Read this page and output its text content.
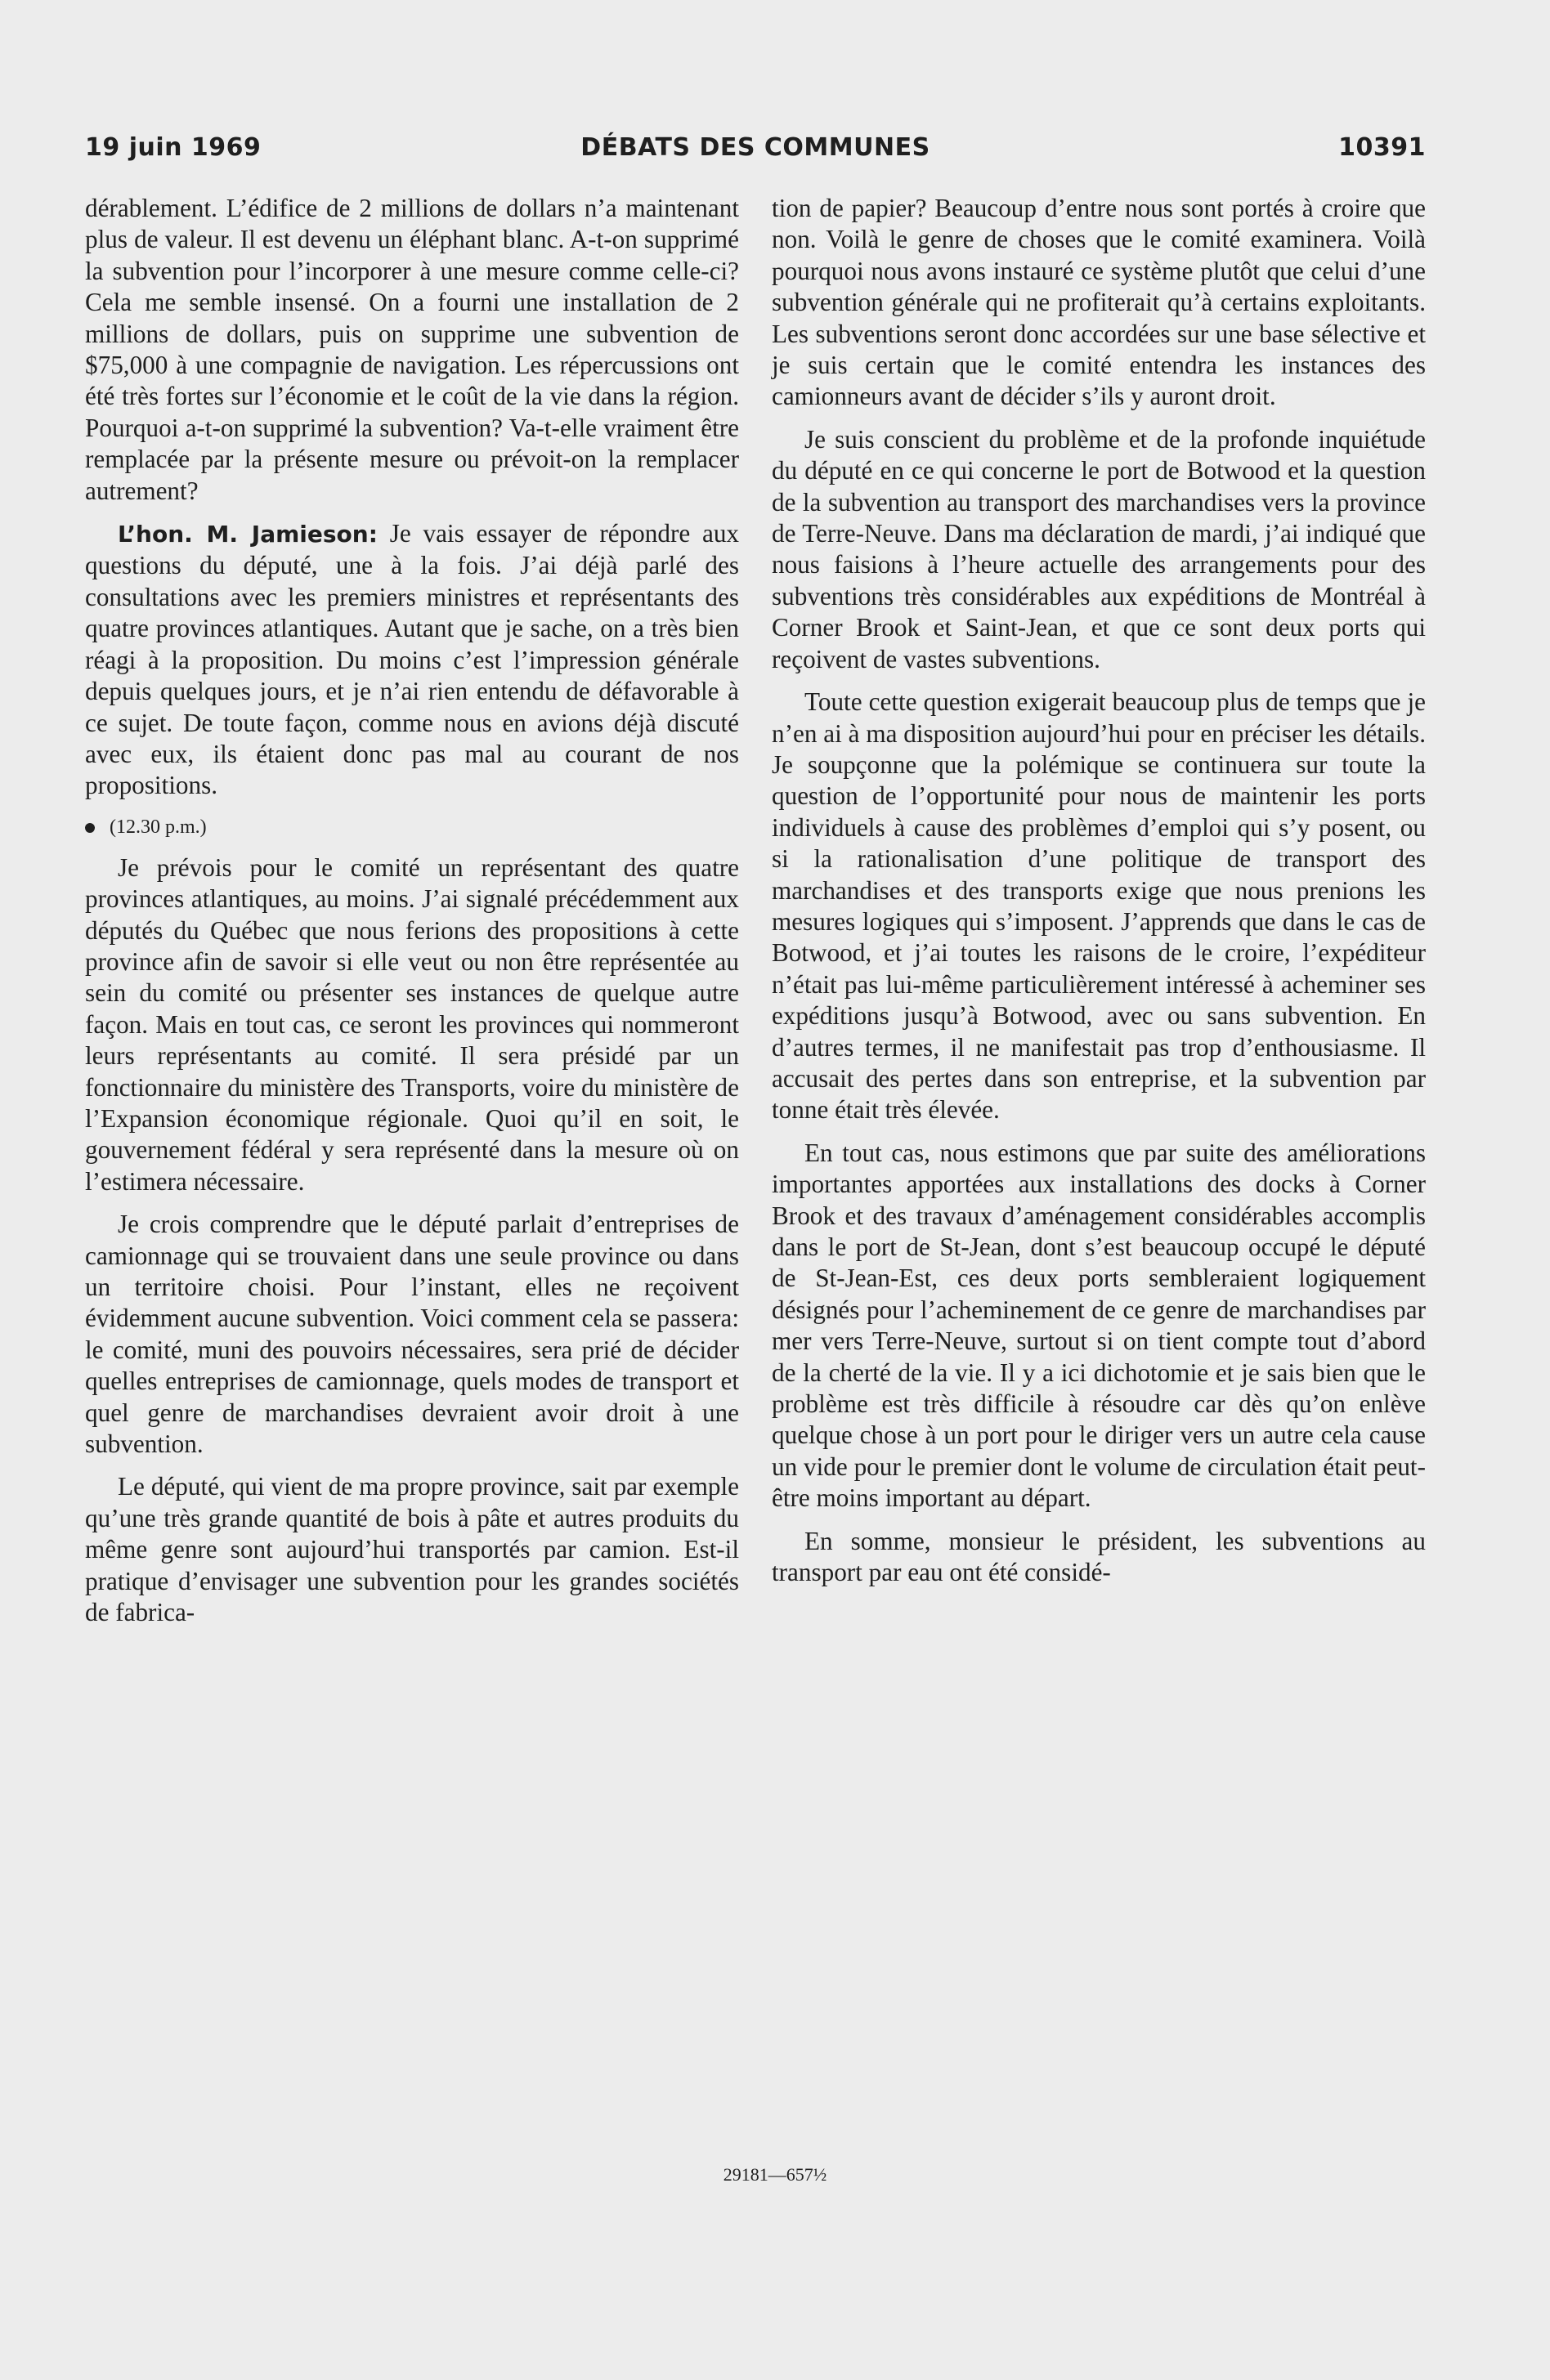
19 juin 1969	DÉBATS DES COMMUNES	10391

dérablement. L’édifice de 2 millions de dollars n’a maintenant plus de valeur. Il est devenu un éléphant blanc. A-t-on supprimé la subvention pour l’incorporer à une mesure comme celle-ci? Cela me semble insensé. On a fourni une installation de 2 millions de dollars, puis on supprime une subvention de $75,000 à une compagnie de navigation. Les répercussions ont été très fortes sur l’économie et le coût de la vie dans la région. Pourquoi a-t-on supprimé la subvention? Va-t-elle vraiment être remplacée par la présente mesure ou prévoit-on la remplacer autrement?

L’hon. M. Jamieson: Je vais essayer de répondre aux questions du député, une à la fois. J’ai déjà parlé des consultations avec les premiers ministres et représentants des quatre provinces atlantiques. Autant que je sache, on a très bien réagi à la proposition. Du moins c’est l’impression générale depuis quelques jours, et je n’ai rien entendu de défavorable à ce sujet. De toute façon, comme nous en avions déjà discuté avec eux, ils étaient donc pas mal au courant de nos propositions.

(12.30 p.m.)

Je prévois pour le comité un représentant des quatre provinces atlantiques, au moins. J’ai signalé précédemment aux députés du Québec que nous ferions des propositions à cette province afin de savoir si elle veut ou non être représentée au sein du comité ou présenter ses instances de quelque autre façon. Mais en tout cas, ce seront les provinces qui nommeront leurs représentants au comité. Il sera présidé par un fonctionnaire du ministère des Transports, voire du ministère de l’Expansion économique régionale. Quoi qu’il en soit, le gouvernement fédéral y sera représenté dans la mesure où on l’estimera nécessaire.

Je crois comprendre que le député parlait d’entreprises de camionnage qui se trouvaient dans une seule province ou dans un territoire choisi. Pour l’instant, elles ne reçoivent évidemment aucune subvention. Voici comment cela se passera: le comité, muni des pouvoirs nécessaires, sera prié de décider quelles entreprises de camionnage, quels modes de transport et quel genre de marchandises devraient avoir droit à une subvention.

Le député, qui vient de ma propre province, sait par exemple qu’une très grande quantité de bois à pâte et autres produits du même genre sont aujourd’hui transportés par camion. Est-il pratique d’envisager une subvention pour les grandes sociétés de fabrica-

tion de papier? Beaucoup d’entre nous sont portés à croire que non. Voilà le genre de choses que le comité examinera. Voilà pourquoi nous avons instauré ce système plutôt que celui d’une subvention générale qui ne profiterait qu’à certains exploitants. Les subventions seront donc accordées sur une base sélective et je suis certain que le comité entendra les instances des camionneurs avant de décider s’ils y auront droit.

Je suis conscient du problème et de la profonde inquiétude du député en ce qui concerne le port de Botwood et la question de la subvention au transport des marchandises vers la province de Terre-Neuve. Dans ma déclaration de mardi, j’ai indiqué que nous faisions à l’heure actuelle des arrangements pour des subventions très considérables aux expéditions de Montréal à Corner Brook et Saint-Jean, et que ce sont deux ports qui reçoivent de vastes subventions.

Toute cette question exigerait beaucoup plus de temps que je n’en ai à ma disposition aujourd’hui pour en préciser les détails. Je soupçonne que la polémique se continuera sur toute la question de l’opportunité pour nous de maintenir les ports individuels à cause des problèmes d’emploi qui s’y posent, ou si la rationalisation d’une politique de transport des marchandises et des transports exige que nous prenions les mesures logiques qui s’imposent. J’apprends que dans le cas de Botwood, et j’ai toutes les raisons de le croire, l’expéditeur n’était pas lui-même particulièrement intéressé à acheminer ses expéditions jusqu’à Botwood, avec ou sans subvention. En d’autres termes, il ne manifestait pas trop d’enthousiasme. Il accusait des pertes dans son entreprise, et la subvention par tonne était très élevée.

En tout cas, nous estimons que par suite des améliorations importantes apportées aux installations des docks à Corner Brook et des travaux d’aménagement considérables accomplis dans le port de St-Jean, dont s’est beaucoup occupé le député de St-Jean-Est, ces deux ports sembleraient logiquement désignés pour l’acheminement de ce genre de marchandises par mer vers Terre-Neuve, surtout si on tient compte tout d’abord de la cherté de la vie. Il y a ici dichotomie et je sais bien que le problème est très difficile à résoudre car dès qu’on enlève quelque chose à un port pour le diriger vers un autre cela cause un vide pour le premier dont le volume de circulation était peut-être moins important au départ.

En somme, monsieur le président, les subventions au transport par eau ont été considé-

29181—657½
